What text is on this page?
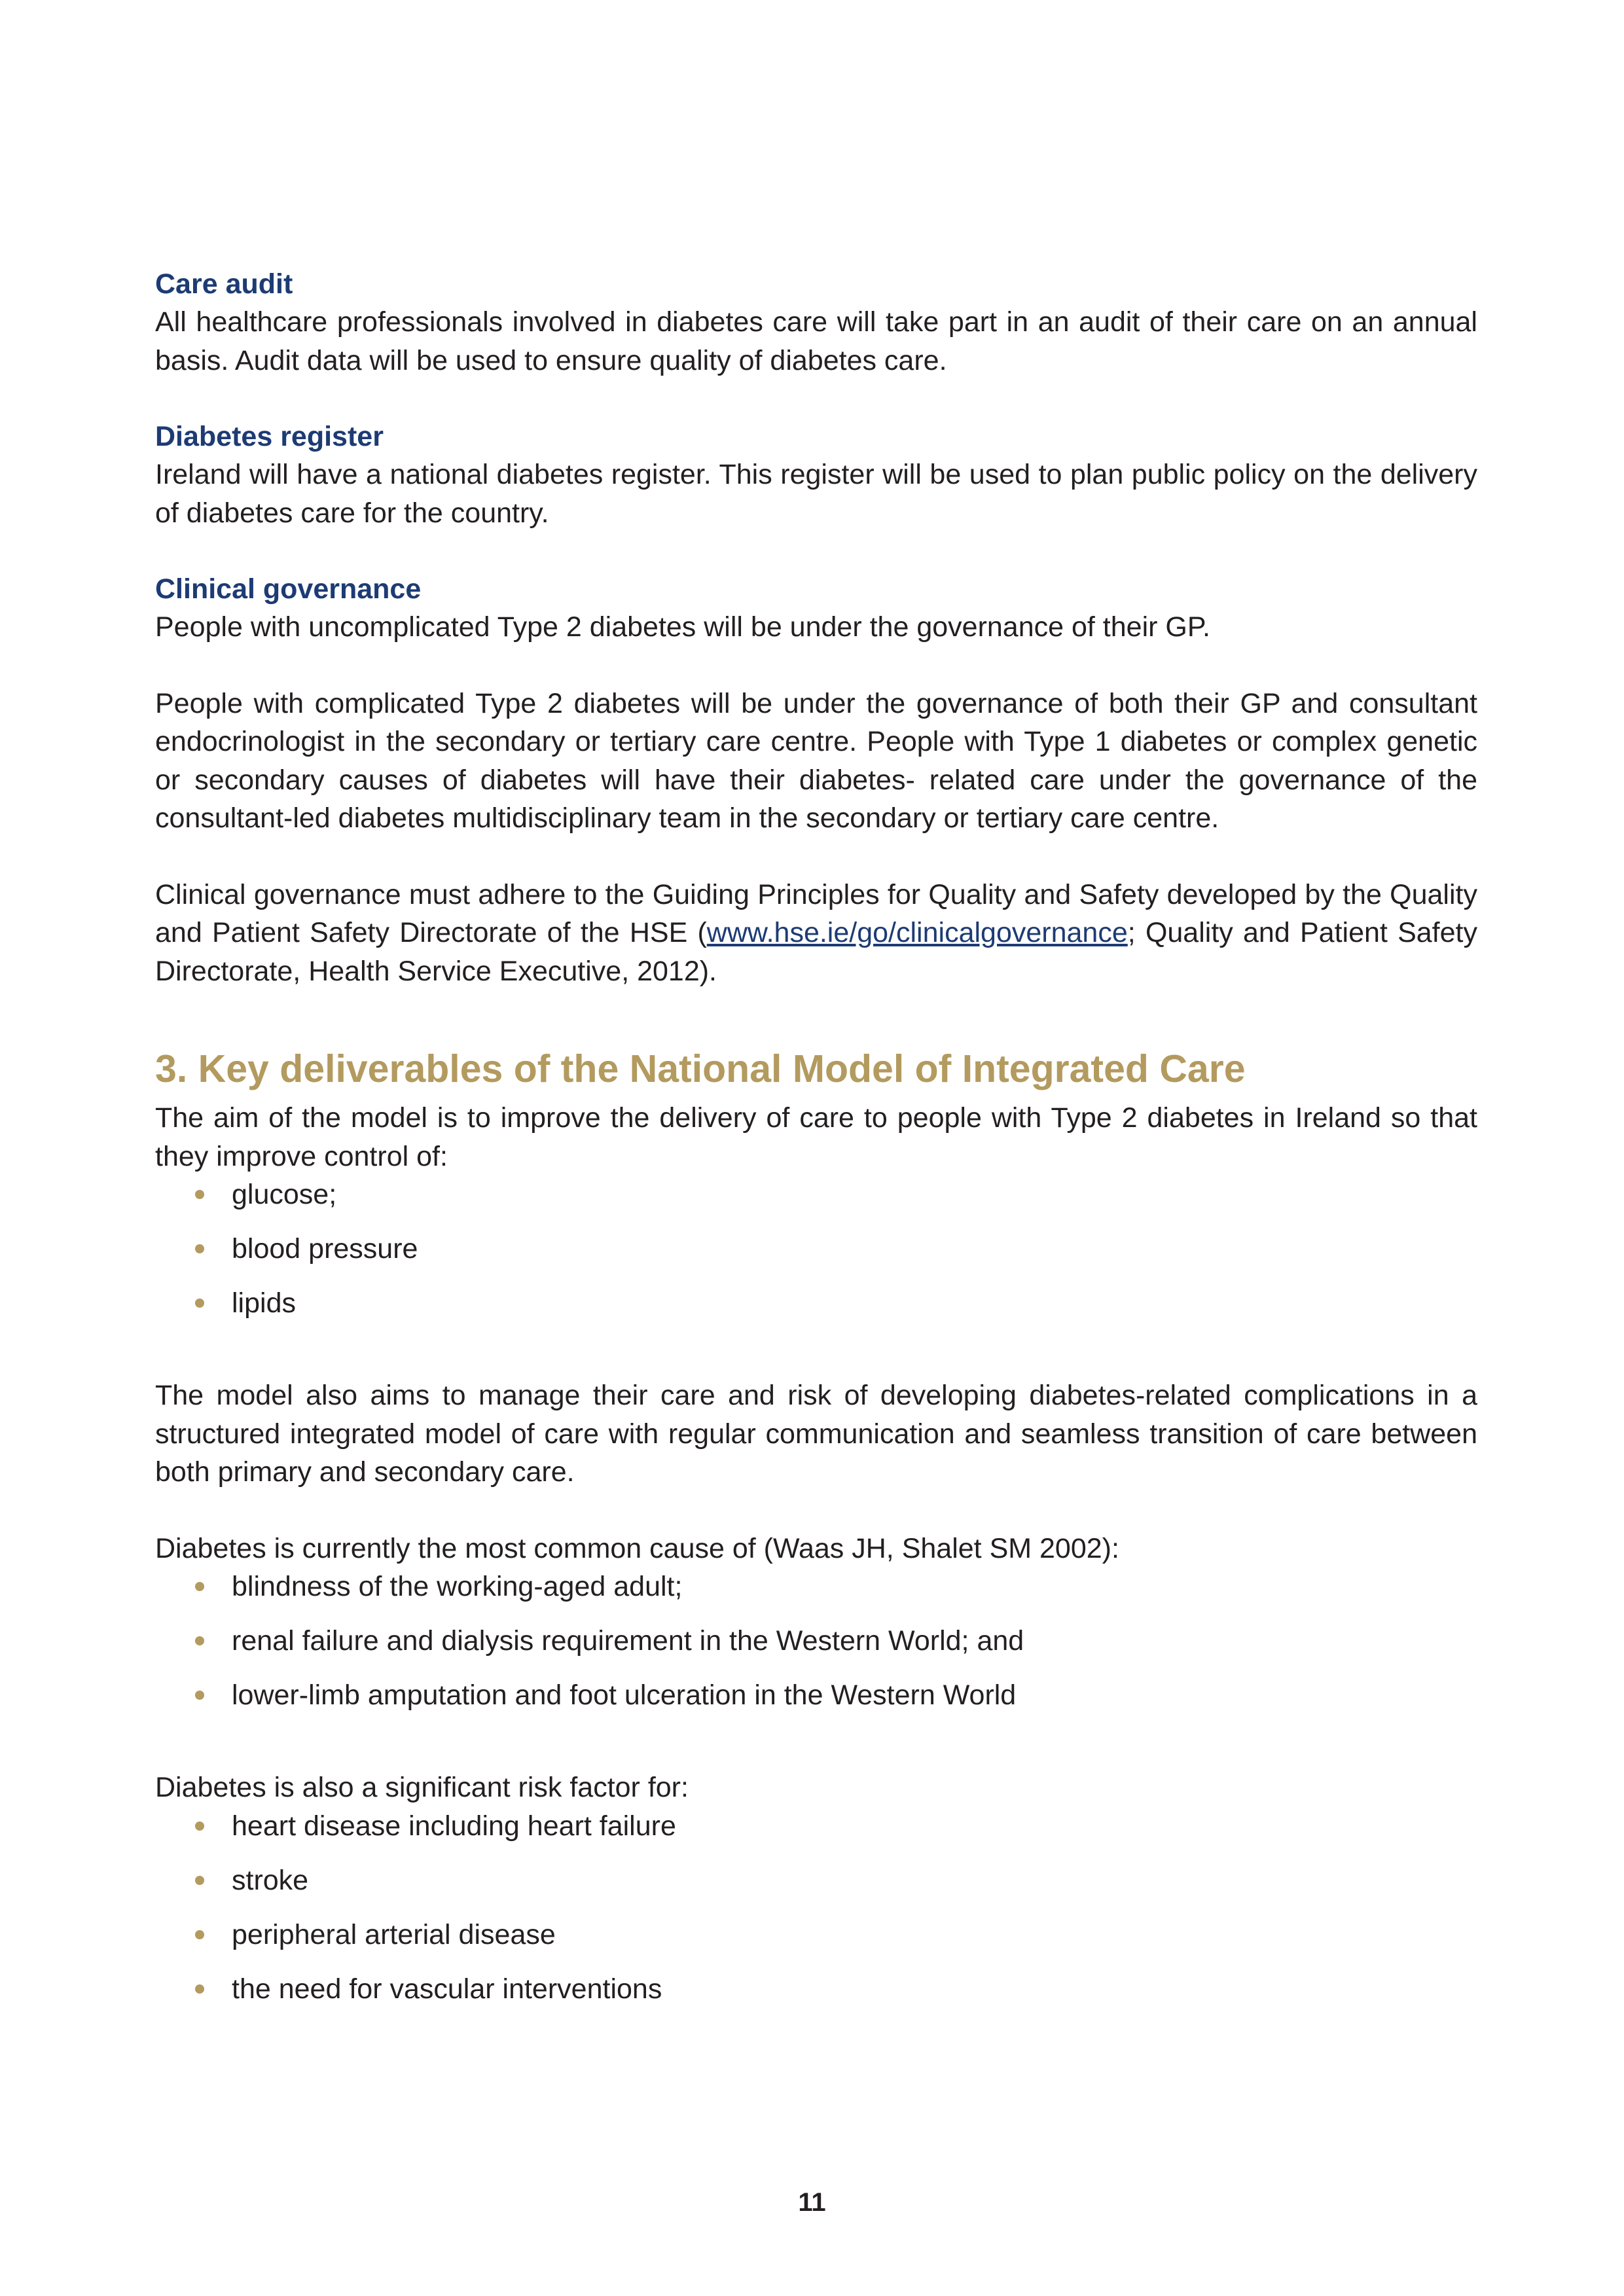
Care audit

All healthcare professionals involved in diabetes care will take part in an audit of their care on an annual basis. Audit data will be used to ensure quality of diabetes care.

Diabetes register

Ireland will have a national diabetes register. This register will be used to plan public policy on the delivery of diabetes care for the country.

Clinical governance

People with uncomplicated Type 2 diabetes will be under the governance of their GP.

People with complicated Type 2 diabetes will be under the governance of both their GP and consultant endocrinologist in the secondary or tertiary care centre. People with Type 1 diabetes or complex genetic or secondary causes of diabetes will have their diabetes- related care under the governance of the consultant-led diabetes multidisciplinary team in the secondary or tertiary care centre.

Clinical governance must adhere to the Guiding Principles for Quality and Safety developed by the Quality and Patient Safety Directorate of the HSE (www.hse.ie/go/clinicalgovernance; Quality and Patient Safety Directorate, Health Service Executive, 2012).

3. Key deliverables of the National Model of Integrated Care

The aim of the model is to improve the delivery of care to people with Type 2 diabetes in Ireland so that they improve control of:

glucose;
blood pressure
lipids

The model also aims to manage their care and risk of developing diabetes-related complications in a structured integrated model of care with regular communication and seamless transition of care between both primary and secondary care.

Diabetes is currently the most common cause of (Waas JH, Shalet SM 2002):

blindness of the working-aged adult;
renal failure and dialysis requirement in the Western World; and
lower-limb amputation and foot ulceration in the Western World

Diabetes is also a significant risk factor for:

heart disease including heart failure
stroke
peripheral arterial disease
the need for vascular interventions
11
